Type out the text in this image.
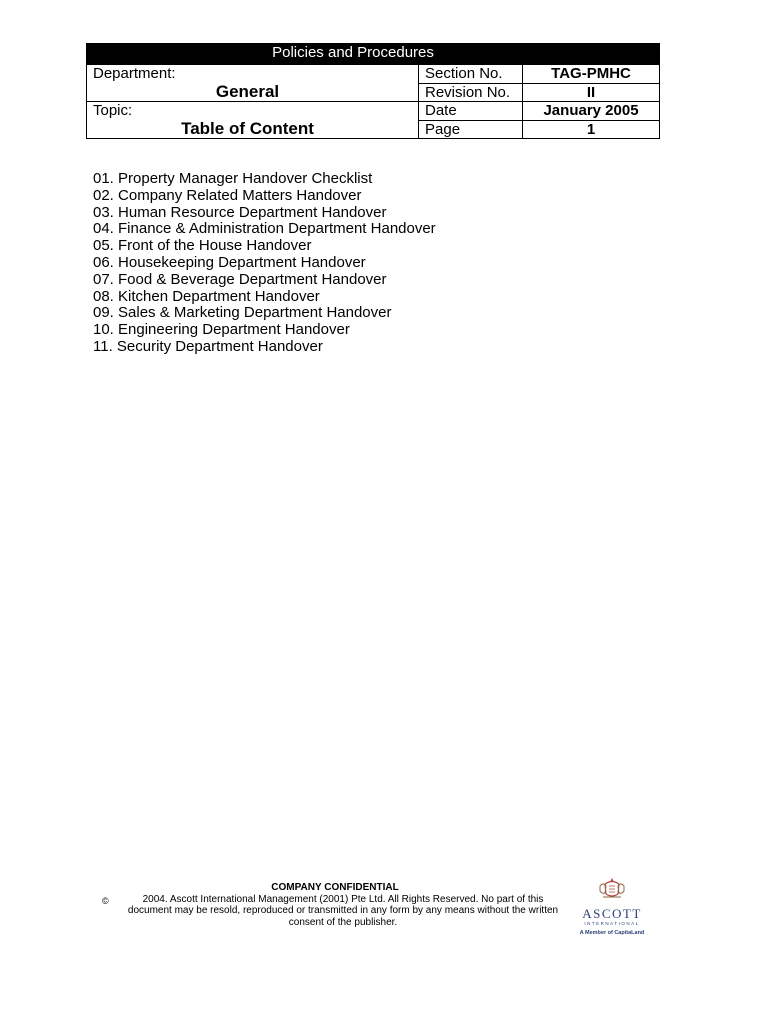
Policies and Procedures		

Department:
General	Section No.	TAG-PMHC
	Revision No.	II

Topic:
Table of Content	Date	January 2005
	Page	1
01. Property Manager Handover Checklist
02. Company Related Matters Handover
03. Human Resource Department Handover
04. Finance & Administration Department Handover
05. Front of the House Handover
06. Housekeeping Department Handover
07. Food & Beverage Department Handover
08. Kitchen Department Handover
09. Sales & Marketing Department Handover
10. Engineering Department Handover
11. Security Department Handover
COMPANY CONFIDENTIAL
©	2004. Ascott International Management (2001) Pte Ltd. All Rights Reserved. No part of this
document may be resold, reproduced or transmitted in any form by any means without the written
consent of the publisher.
ASCOTT
INTERNATIONAL
A Member of CapitaLand
